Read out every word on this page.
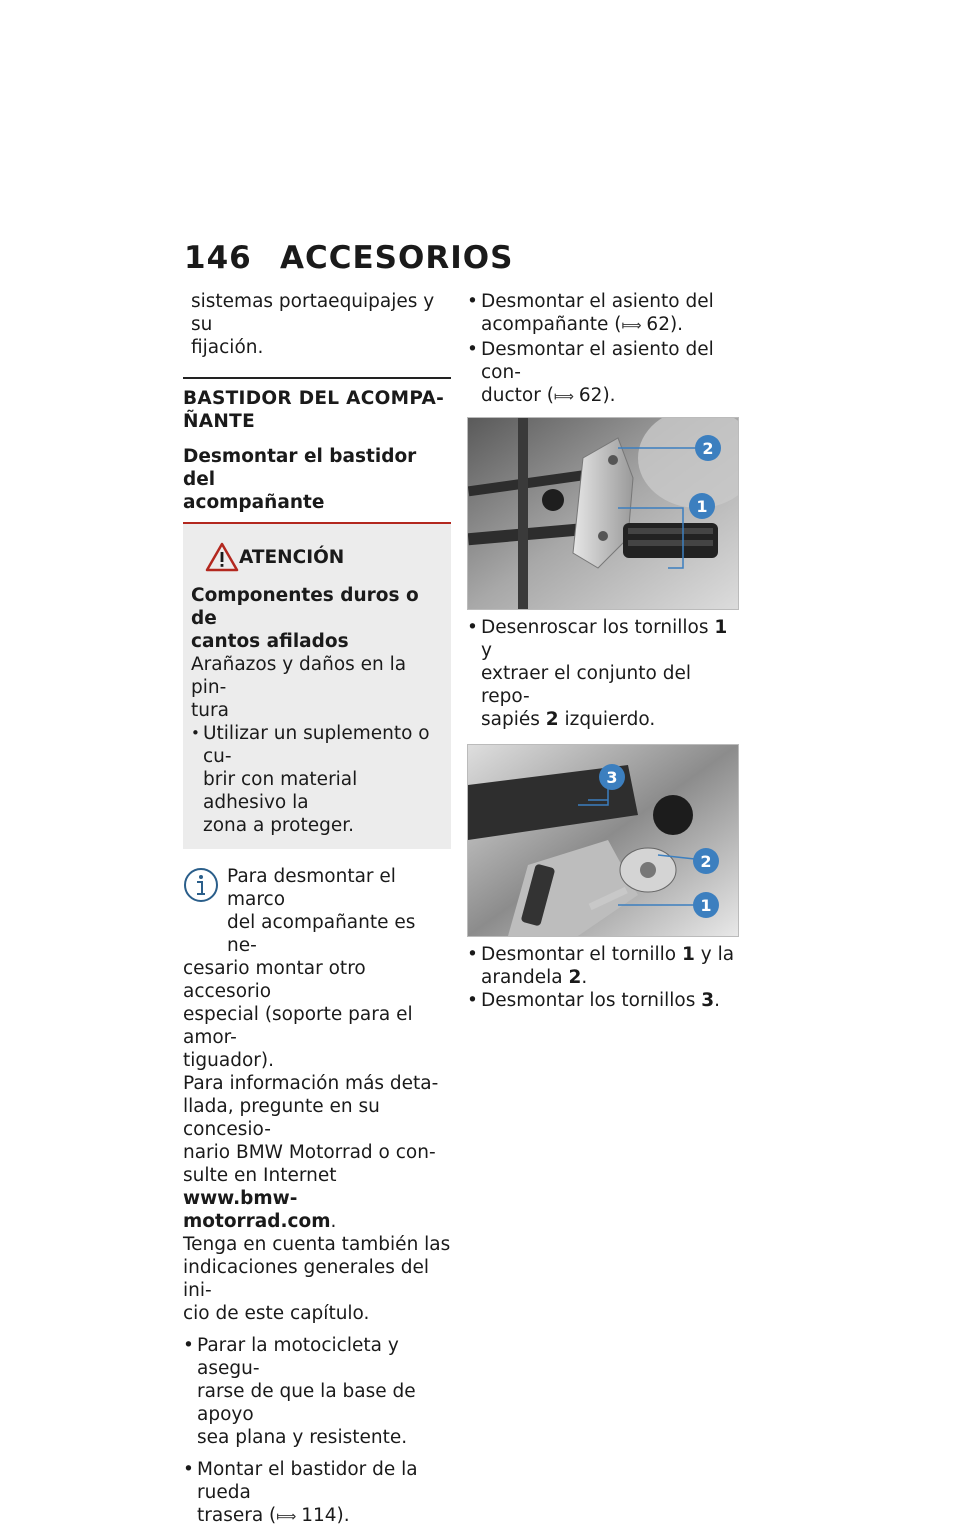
146 ACCESORIOS

sistemas portaequipajes y su

fijación.

BASTIDOR DEL ACOMPA-

ÑANTE

Desmontar el bastidor del

acompañante

ATENCIÓN

Componentes duros o de

cantos afilados

Arañazos y daños en la pin-

tura

• Utilizar un suplemento o cu-

brir con material adhesivo la

zona a proteger.

Para desmontar el marco

del acompañante es ne-

cesario montar otro accesorio

especial (soporte para el amor-

tiguador).

Para información más deta-

llada, pregunte en su concesio-

nario BMW Motorrad o con-

sulte en Internet www.bmw-

motorrad.com.

Tenga en cuenta también las

indicaciones generales del ini-

cio de este capítulo.

• Parar la motocicleta y asegu-

rarse de que la base de apoyo

sea plana y resistente.

• Montar el bastidor de la rueda

trasera (⟾ 114).

• Desmontar el asiento del

acompañante (⟾ 62).

• Desmontar el asiento del con-

ductor (⟾ 62).

2
1
• Desenroscar los tornillos 1 y

extraer el conjunto del repo-

sapiés 2 izquierdo.

3
2
1
• Desmontar el tornillo 1 y la

arandela 2.

• Desmontar los tornillos 3.
